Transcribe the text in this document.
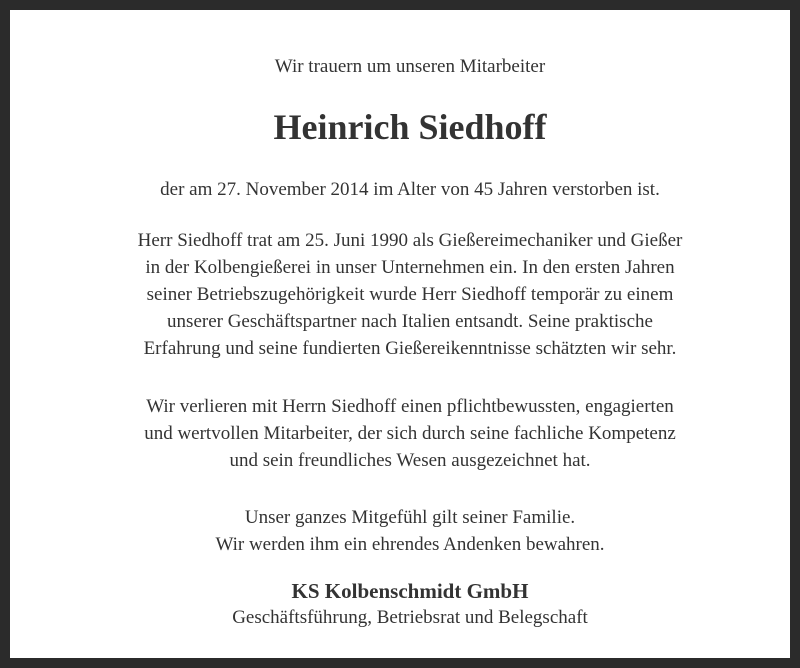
Wir trauern um unseren Mitarbeiter
Heinrich Siedhoff
der am 27. November 2014 im Alter von 45 Jahren verstorben ist.
Herr Siedhoff trat am 25. Juni 1990 als Gießereimechaniker und Gießer
in der Kolbengießerei in unser Unternehmen ein. In den ersten Jahren
seiner Betriebszugehörigkeit wurde Herr Siedhoff temporär zu einem
unserer Geschäftspartner nach Italien entsandt. Seine praktische
Erfahrung und seine fundierten Gießereikenntnisse schätzten wir sehr.
Wir verlieren mit Herrn Siedhoff einen pflichtbewussten, engagierten
und wertvollen Mitarbeiter, der sich durch seine fachliche Kompetenz
und sein freundliches Wesen ausgezeichnet hat.
Unser ganzes Mitgefühl gilt seiner Familie.
Wir werden ihm ein ehrendes Andenken bewahren.
KS Kolbenschmidt GmbH
Geschäftsführung, Betriebsrat und Belegschaft
